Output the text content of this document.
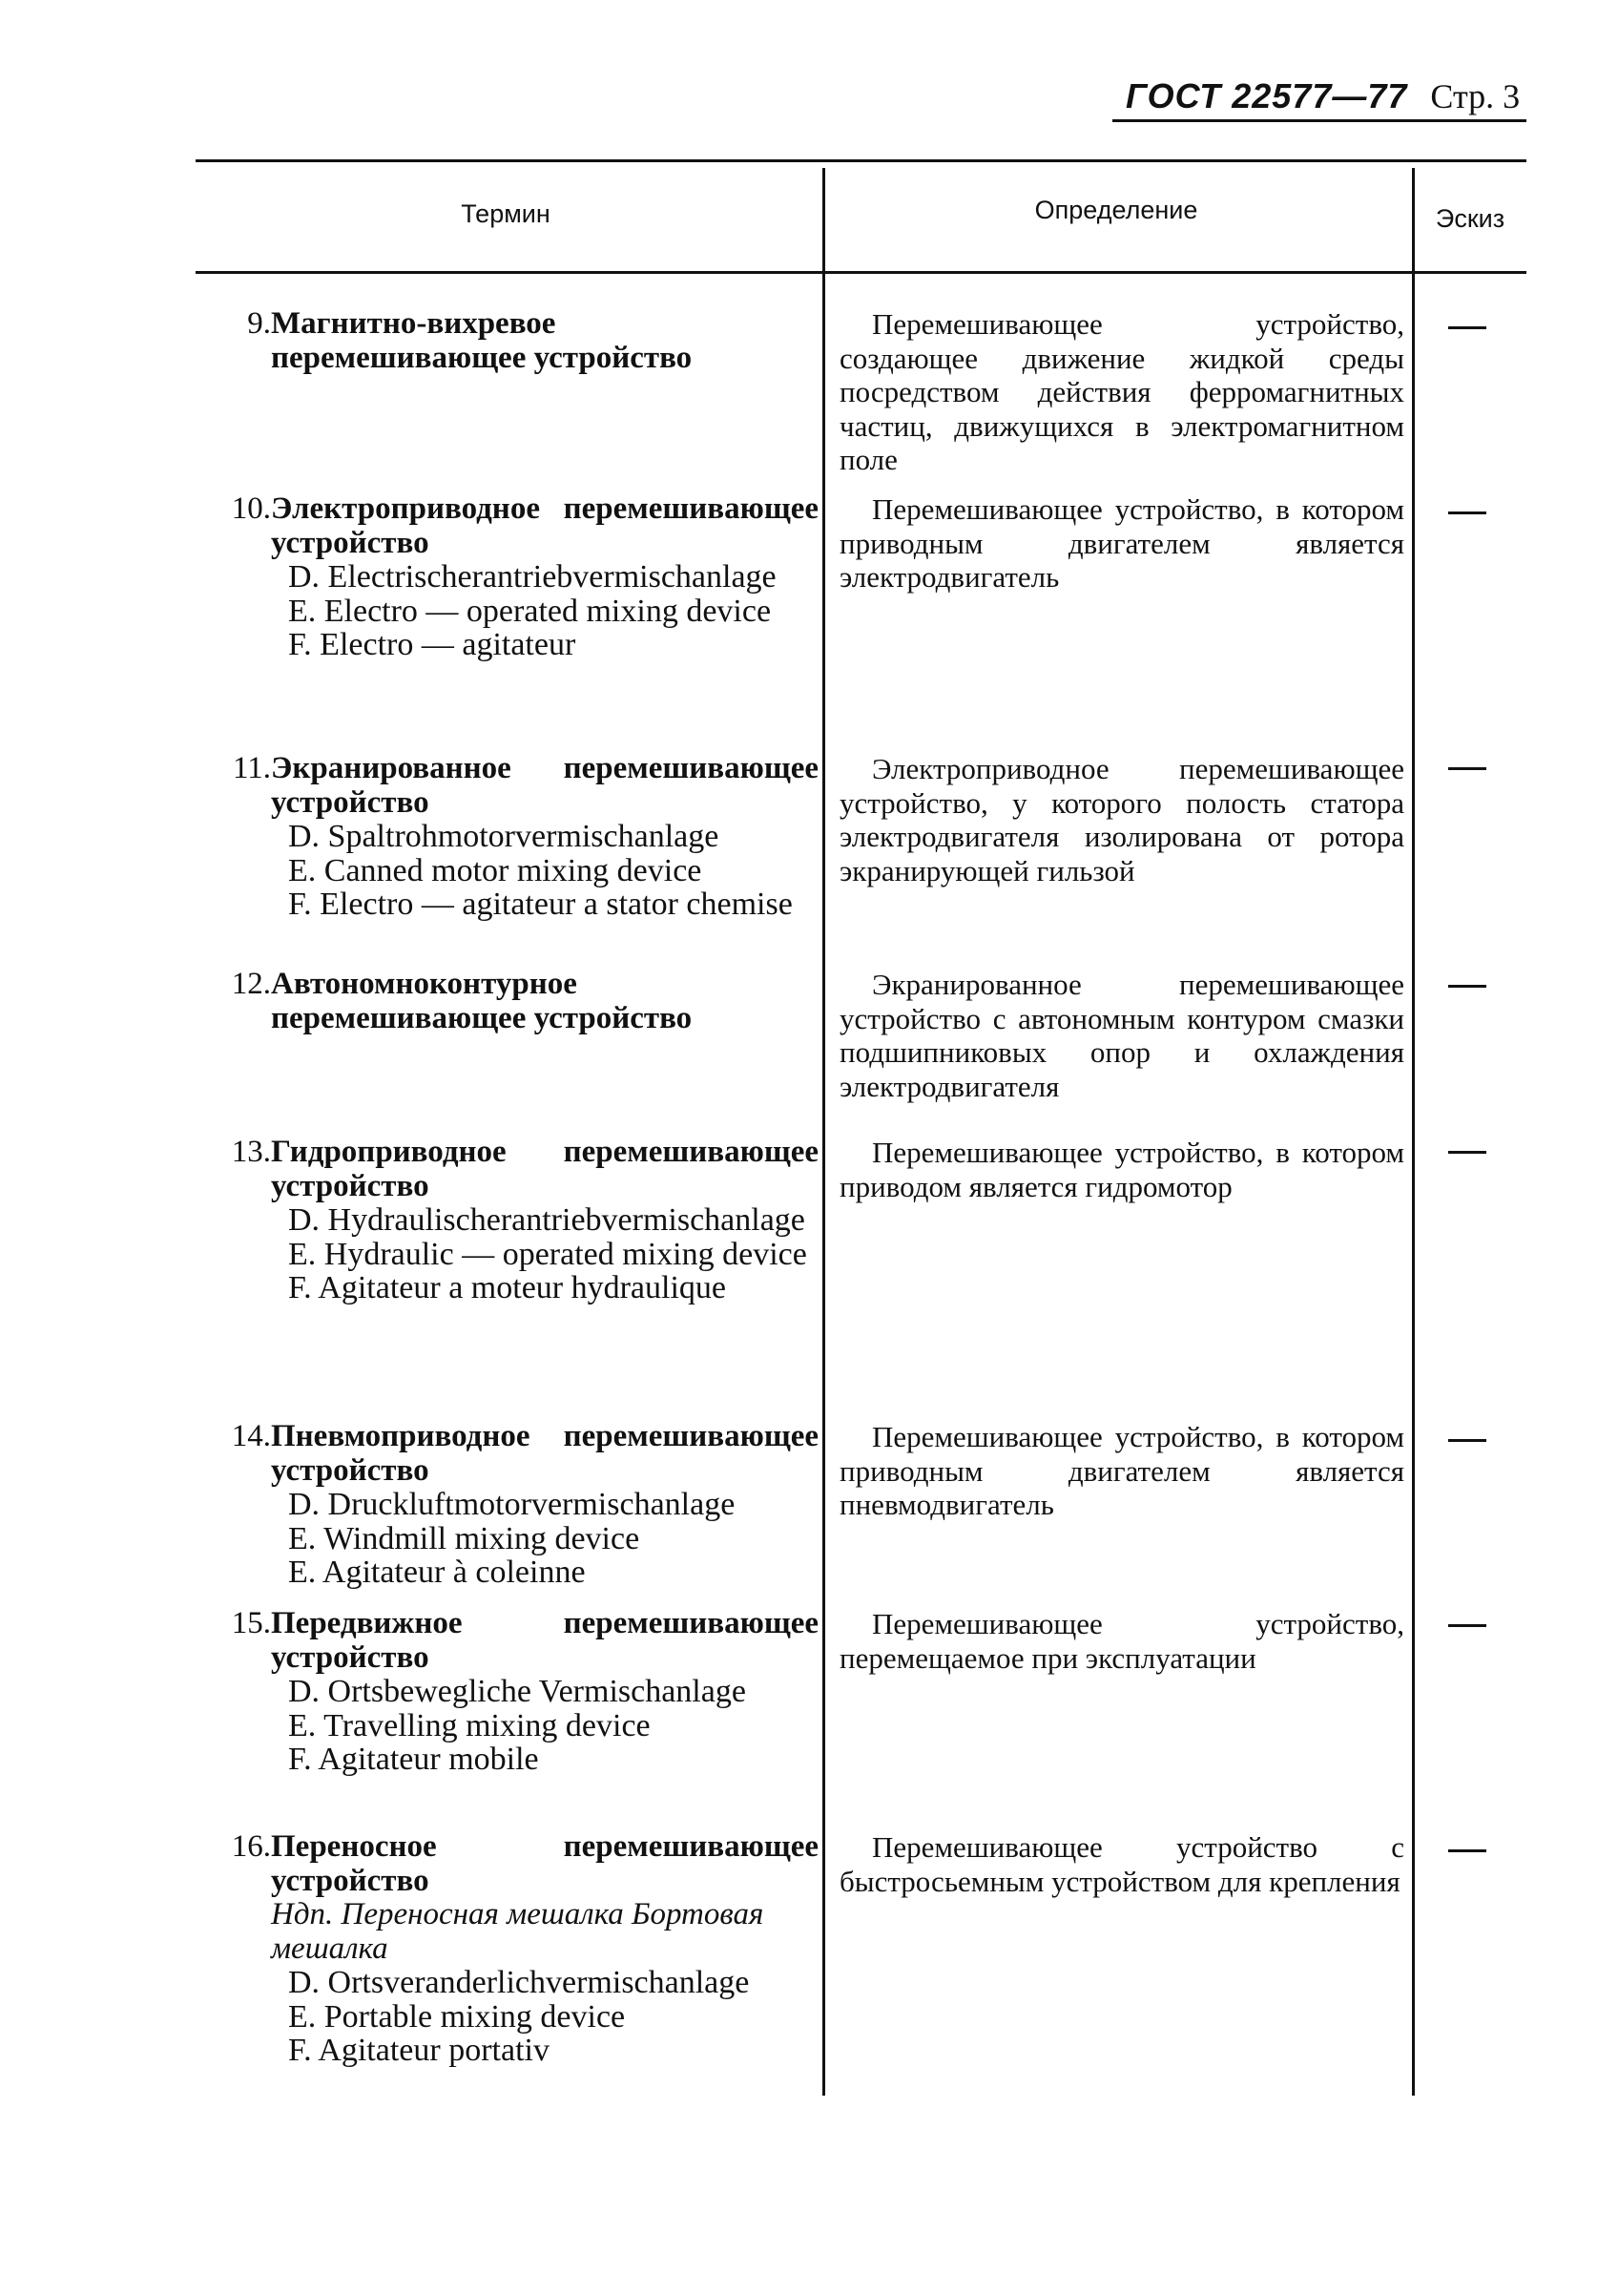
ГОСТ 22577—77 Стр. 3
Термин	Определение	Эскиз
9. Магнитно-вихревое перемешивающее устройство
Перемешивающее устройство, создающее движение жидкой среды посредством действия ферромагнитных частиц, движущихся в электромагнитном поле
10. Электроприводное перемешивающее устройство
D. Electrischerantriebvermischanlage
E. Electro — operated mixing device
F. Electro — agitateur
Перемешивающее устройство, в котором приводным двигателем является электродвигатель
11. Экранированное перемешивающее устройство
D. Spaltrohmotorvermischanlage
E. Canned motor mixing device
F. Electro — agitateur a stator chemise
Электроприводное перемешивающее устройство, у которого полость статора электродвигателя изолирована от ротора экранирующей гильзой
12. Автономноконтурное перемешивающее устройство
Экранированное перемешивающее устройство с автономным контуром смазки подшипниковых опор и охлаждения электродвигателя
13. Гидроприводное перемешивающее устройство
D. Hydraulischerantriebvermischanlage
E. Hydraulic — operated mixing device
F. Agitateur a moteur hydraulique
Перемешивающее устройство, в котором приводом является гидромотор
14. Пневмоприводное перемешивающее устройство
D. Druckluftmotorvermischanlage
E. Windmill mixing device
E. Agitateur à coleinne
Перемешивающее устройство, в котором приводным двигателем является пневмодвигатель
15. Передвижное перемешивающее устройство
D. Ortsbewegliche Vermischanlage
E. Travelling mixing device
F. Agitateur mobile
Перемешивающее устройство, перемещаемое при эксплуатации
16. Переносное перемешивающее устройство
Ндп. Переносная мешалка Бортовая мешалка
D. Ortsveranderlichvermischanlage
E. Portable mixing device
F. Agitateur portativ
Перемешивающее устройство с быстросьемным устройством для крепления
